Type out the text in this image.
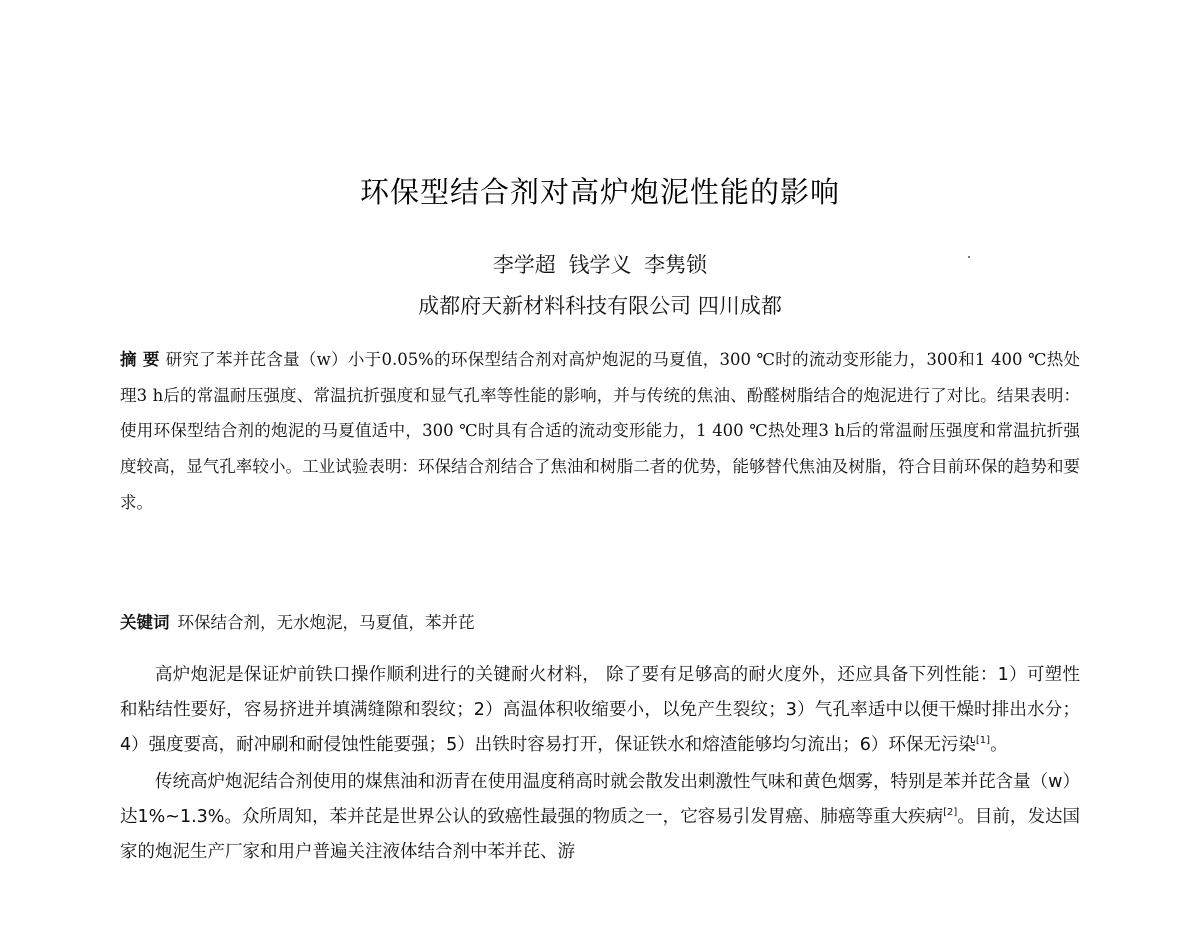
环保型结合剂对高炉炮泥性能的影响
李学超 钱学义 李隽锁
成都府天新材料科技有限公司 四川成都
摘 要 研究了苯并芘含量（w）小于0.05%的环保型结合剂对高炉炮泥的马夏值，300 ℃时的流动变形能力，300和1 400 ℃热处理3 h后的常温耐压强度、常温抗折强度和显气孔率等性能的影响，并与传统的焦油、酚醛树脂结合的炮泥进行了对比。结果表明：使用环保型结合剂的炮泥的马夏值适中，300 ℃时具有合适的流动变形能力，1 400 ℃热处理3 h后的常温耐压强度和常温抗折强度较高，显气孔率较小。工业试验表明：环保结合剂结合了焦油和树脂二者的优势，能够替代焦油及树脂，符合目前环保的趋势和要求。
关键词 环保结合剂，无水炮泥，马夏值，苯并芘

高炉炮泥是保证炉前铁口操作顺利进行的关键耐火材料， 除了要有足够高的耐火度外，还应具备下列性能：1）可塑性和粘结性要好，容易挤进并填满缝隙和裂纹；2）高温体积收缩要小，以免产生裂纹；3）气孔率适中以便干燥时排出水分；4）强度要高，耐冲刷和耐侵蚀性能要强；5）出铁时容易打开，保证铁水和熔渣能够均匀流出；6）环保无污染[1]。

传统高炉炮泥结合剂使用的煤焦油和沥青在使用温度稍高时就会散发出刺激性气味和黄色烟雾，特别是苯并芘含量（w）达1%~1.3%。众所周知，苯并芘是世界公认的致癌性最强的物质之一，它容易引发胃癌、肺癌等重大疾病[2]。目前，发达国家的炮泥生产厂家和用户普遍关注液体结合剂中苯并芘、游
